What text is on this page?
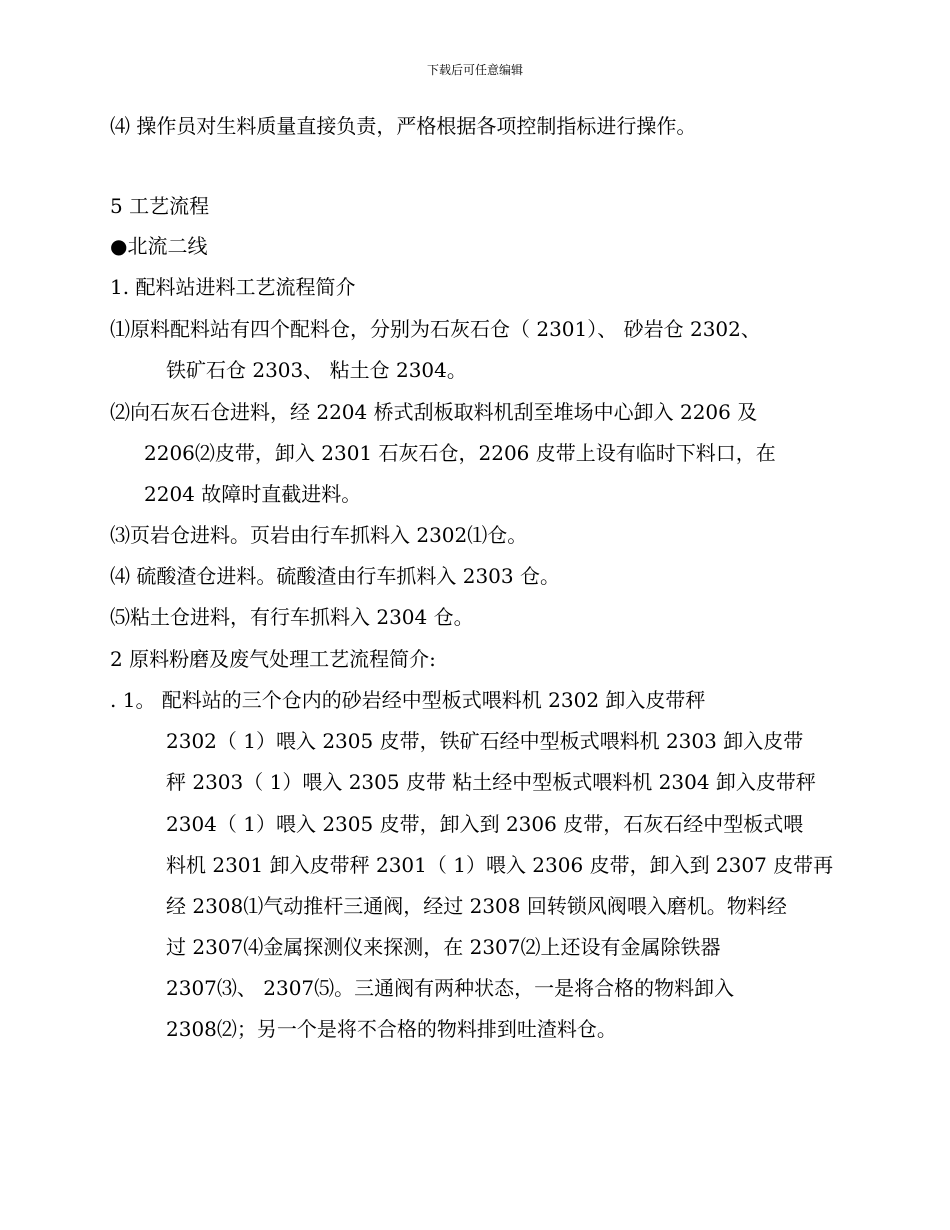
下载后可任意编辑
⑷ 操作员对生料质量直接负责，严格根据各项控制指标进行操作。
5 工艺流程
●北流二线
1. 配料站进料工艺流程简介
⑴原料配料站有四个配料仓，分别为石灰石仓（ 2301）、 砂岩仓 2302、
铁矿石仓 2303、 粘土仓 2304。
⑵向石灰石仓进料，经 2204 桥式刮板取料机刮至堆场中心卸入 2206 及
2206⑵皮带，卸入 2301 石灰石仓，2206 皮带上设有临时下料口，在
2204 故障时直截进料。
⑶页岩仓进料。页岩由行车抓料入 2302⑴仓。
⑷ 硫酸渣仓进料。硫酸渣由行车抓料入 2303 仓。
⑸粘土仓进料，有行车抓料入 2304 仓。
2 原料粉磨及废气处理工艺流程简介:
. 1。 配料站的三个仓内的砂岩经中型板式喂料机 2302 卸入皮带秤
2302（ 1）喂入 2305 皮带，铁矿石经中型板式喂料机 2303 卸入皮带
秤 2303（ 1）喂入 2305 皮带 粘土经中型板式喂料机 2304 卸入皮带秤
2304（ 1）喂入 2305 皮带，卸入到 2306 皮带，石灰石经中型板式喂
料机 2301 卸入皮带秤 2301（ 1）喂入 2306 皮带，卸入到 2307 皮带再
经 2308⑴气动推杆三通阀，经过 2308 回转锁风阀喂入磨机。物料经
过 2307⑷金属探测仪来探测，在 2307⑵上还设有金属除铁器
2307⑶、 2307⑸。三通阀有两种状态，一是将合格的物料卸入
2308⑵；另一个是将不合格的物料排到吐渣料仓。
